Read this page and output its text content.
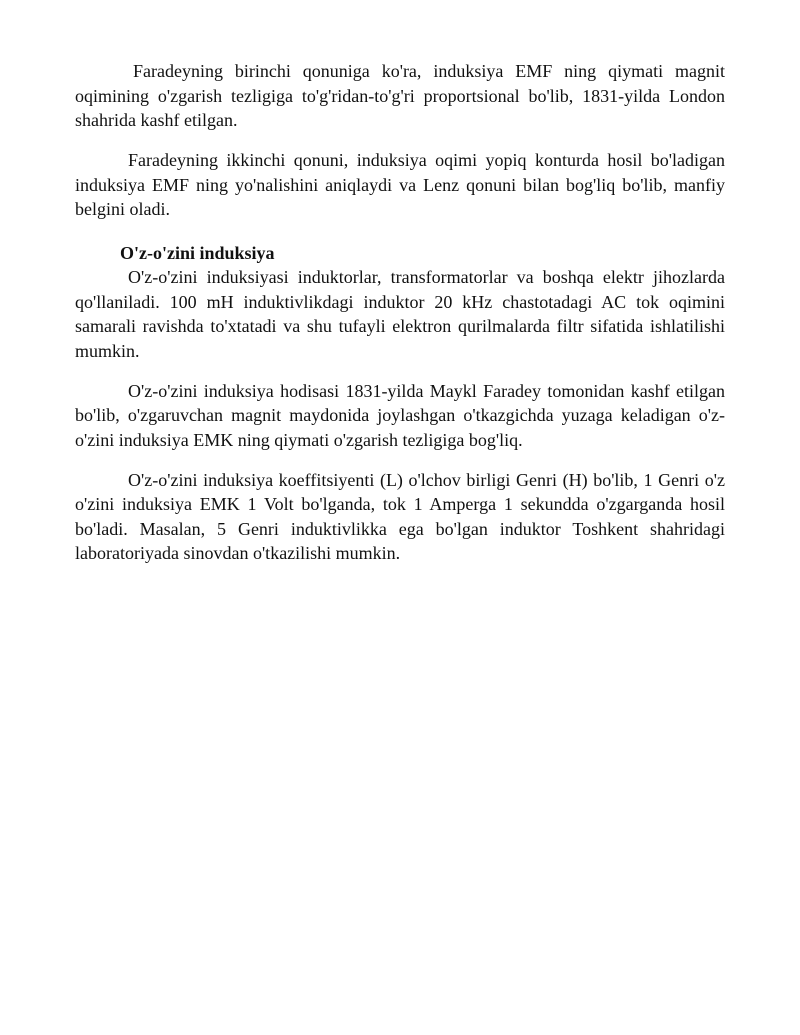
Faradeyning birinchi qonuniga ko'ra, induksiya EMF ning qiymati magnit
oqimining o'zgarish tezligiga to'g'ridan-to'g'ri proportsional bo'lib, 1831-yilda London
shahrida kashf etilgan.
Faradeyning ikkinchi qonuni, induksiya oqimi yopiq konturda hosil bo'ladigan
induksiya EMF ning yo'nalishini aniqlaydi va Lenz qonuni bilan bog'liq bo'lib, manfiy
belgini oladi.
O'z-o'zini induksiya
O'z-o'zini induksiyasi induktorlar, transformatorlar va boshqa elektr jihozlarda
qo'llaniladi. 100 mH induktivlikdagi induktor 20 kHz chastotadagi AC tok oqimini
samarali ravishda to'xtatadi va shu tufayli elektron qurilmalarda filtr sifatida ishlatilishi
mumkin.
O'z-o'zini induksiya hodisasi 1831-yilda Maykl Faradey tomonidan kashf etilgan
bo'lib, o'zgaruvchan magnit maydonida joylashgan o'tkazgichda yuzaga keladigan o'z-
o'zini induksiya EMK ning qiymati o'zgarish tezligiga bog'liq.
O'z-o'zini induksiya koeffitsiyenti (L) o'lchov birligi Genri (H) bo'lib, 1 Genri o'z
o'zini induksiya EMK 1 Volt bo'lganda, tok 1 Amperga 1 sekundda o'zgarganda hosil
bo'ladi. Masalan, 5 Genri induktivlikka ega bo'lgan induktor Toshkent shahridagi
laboratoriyada sinovdan o'tkazilishi mumkin.
